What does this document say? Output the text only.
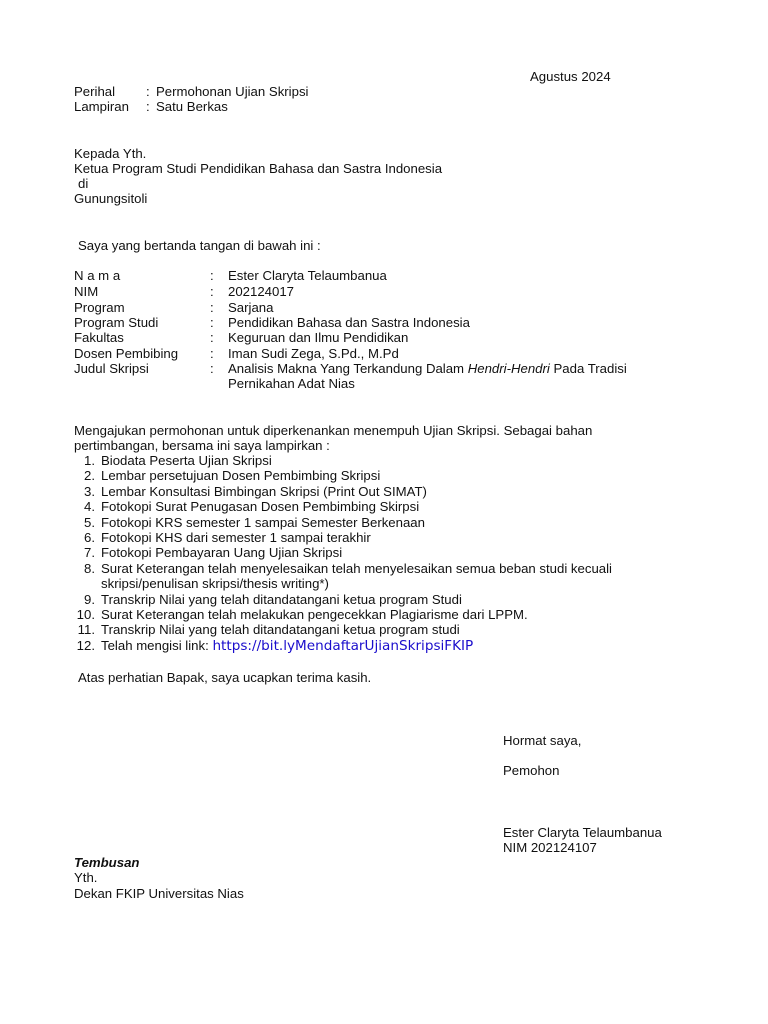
Agustus 2024
Perihal : Permohonan Ujian Skripsi
Lampiran : Satu Berkas
Kepada Yth.
Ketua Program Studi Pendidikan Bahasa dan Sastra Indonesia
di
Gunungsitoli
Saya yang bertanda tangan di bawah ini :
N a m a	: Ester Claryta Telaumbanua
NIM	: 202124017
Program	: Sarjana
Program Studi	: Pendidikan Bahasa dan Sastra Indonesia
Fakultas	: Keguruan dan Ilmu Pendidikan
Dosen Pembibing : Iman Sudi Zega, S.Pd., M.Pd
Judul Skripsi	: Analisis Makna Yang Terkandung Dalam Hendri-Hendri Pada Tradisi
Pernikahan Adat Nias
Mengajukan permohonan untuk diperkenankan menempuh Ujian Skripsi. Sebagai bahan
pertimbangan, bersama ini saya lampirkan :
1. Biodata Peserta Ujian Skripsi
2. Lembar persetujuan Dosen Pembimbing Skripsi
3. Lembar Konsultasi Bimbingan Skripsi (Print Out SIMAT)
4. Fotokopi Surat Penugasan Dosen Pembimbing Skirpsi
5. Fotokopi KRS semester 1 sampai Semester Berkenaan
6. Fotokopi KHS dari semester 1 sampai terakhir
7. Fotokopi Pembayaran Uang Ujian Skripsi
8. Surat Keterangan telah menyelesaikan telah menyelesaikan semua beban studi kecuali
skripsi/penulisan skripsi/thesis writing*)
9. Transkrip Nilai yang telah ditandatangani ketua program Studi
10. Surat Keterangan telah melakukan pengecekkan Plagiarisme dari LPPM.
11. Transkrip Nilai yang telah ditandatangani ketua program studi
12. Telah mengisi link: https://bit.lyMendaftarUjianSkripsiFKIP
Atas perhatian Bapak, saya ucapkan terima kasih.
Hormat saya,
Pemohon
Ester Claryta Telaumbanua
NIM 202124107
Tembusan
Yth.
Dekan FKIP Universitas Nias
